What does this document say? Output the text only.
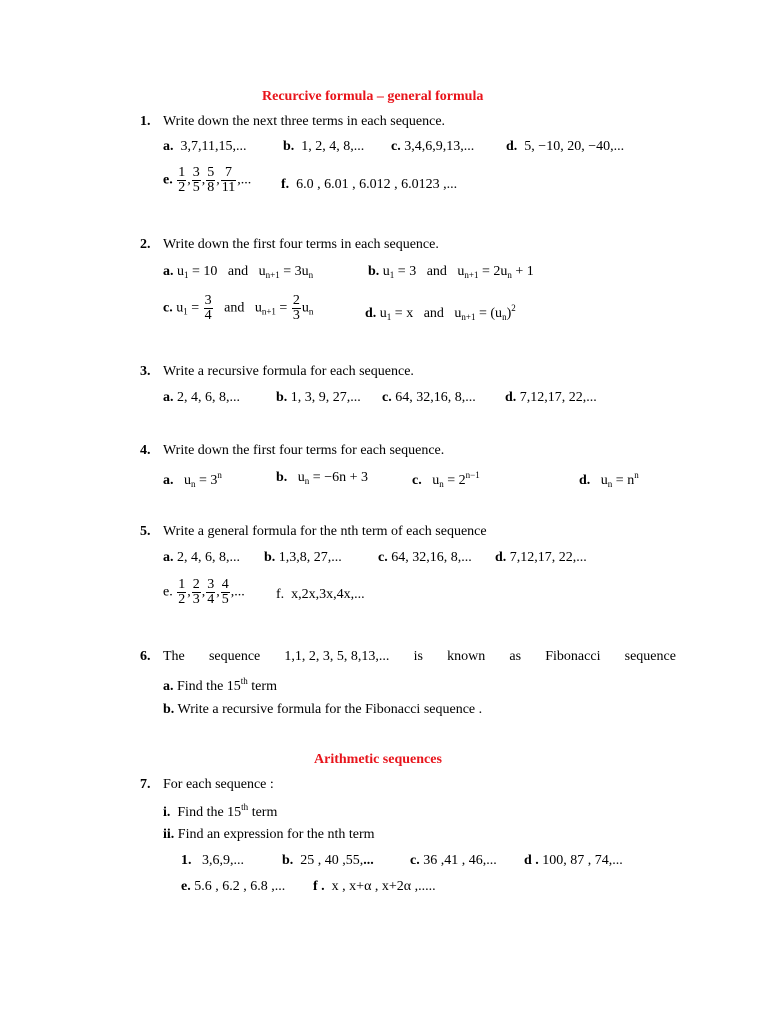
Recurcive formula – general formula
1. Write down the next three terms in each sequence.
a. 3,7,11,15,...	b. 1, 2, 4, 8,... c. 3,4,6,9,13,... d. 5, −10, 20, −40,...
e. $\frac{1}{2}$ , $\frac{3}{5}$ , $\frac{5}{8}$ , $\frac{7}{11}$ ,... f. 6.0 , 6.01 , 6.012 , 6.0123 ,...
2. Write down the first four terms in each sequence.
a. $u_1 = 10$ and $u_{n+1} = 3u_n$	b. $u_1 = 3$ and $u_{n+1} = 2u_n + 1$
c. $u_1 = \frac{3}{4}$ and $u_{n+1} = \frac{2}{3} u_n$	d. $u_1 = x$ and $u_{n+1} = (u_n)^2$
3. Write a recursive formula for each sequence.
a. 2, 4, 6, 8,...	b. 1, 3, 9, 27,... c. 64, 32,16, 8,... d. 7,12,17, 22,...
4. Write down the first four terms for each sequence.
a. $u_n = 3^n$	b. $u_n = -6n + 3$	c. $u_n = 2^{n-1}$	d. $u_n = n^n$
5. Write a general formula for the nth term of each sequence
a. 2, 4, 6, 8,... b. 1,3,8, 27,...	c. 64, 32,16, 8,... d. 7,12,17, 22,...
e. $\frac{1}{2}$ , $\frac{2}{3}$ , $\frac{3}{4}$ , $\frac{4}{5}$ ,... f. x,2x,3x,4x,...
6. The sequence 1,1, 2, 3, 5, 8,13,... is known as Fibonacci sequence
a. Find the 15th term
b. Write a recursive formula for the Fibonacci sequence .
Arithmetic sequences
7. For each sequence :
i. Find the 15th term
ii. Find an expression for the nth term
1. 3,6,9,...	b. 25 , 40 ,55,...	c. 36 ,41 , 46,... d . 100, 87 , 74,...
e. 5.6 , 6.2 , 6.8 ,... f . x , x+α , x+2α ,.....
